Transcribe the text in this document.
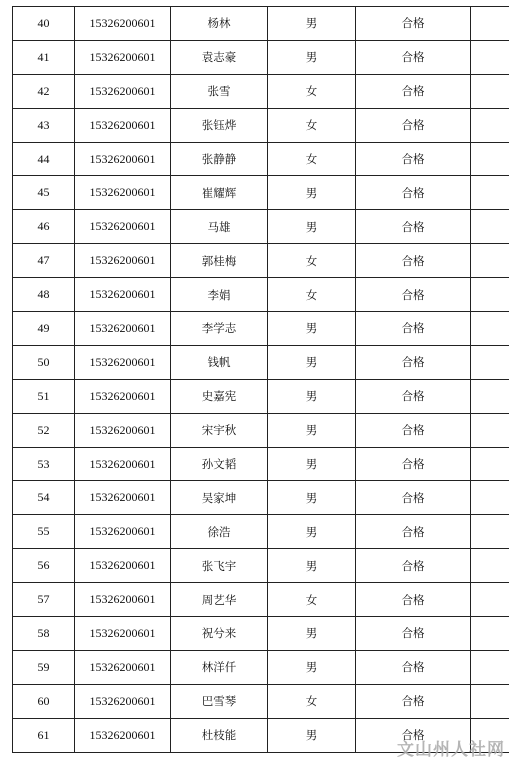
40	15326200601	杨林	男	合格	
41	15326200601	袁志豪	男	合格	
42	15326200601	张雪	女	合格	
43	15326200601	张钰烨	女	合格	
44	15326200601	张静静	女	合格	
45	15326200601	崔耀辉	男	合格	
46	15326200601	马雄	男	合格	
47	15326200601	郭桂梅	女	合格	
48	15326200601	李娟	女	合格	
49	15326200601	李学志	男	合格	
50	15326200601	钱帆	男	合格	
51	15326200601	史嘉宪	男	合格	
52	15326200601	宋宇秋	男	合格	
53	15326200601	孙文韬	男	合格	
54	15326200601	吴家坤	男	合格	
55	15326200601	徐浩	男	合格	
56	15326200601	张飞宇	男	合格	
57	15326200601	周艺华	女	合格	
58	15326200601	祝兮来	男	合格	
59	15326200601	林洋仟	男	合格	
60	15326200601	巴雪琴	女	合格	
61	15326200601	杜枝能	男	合格	
文山州人社网
